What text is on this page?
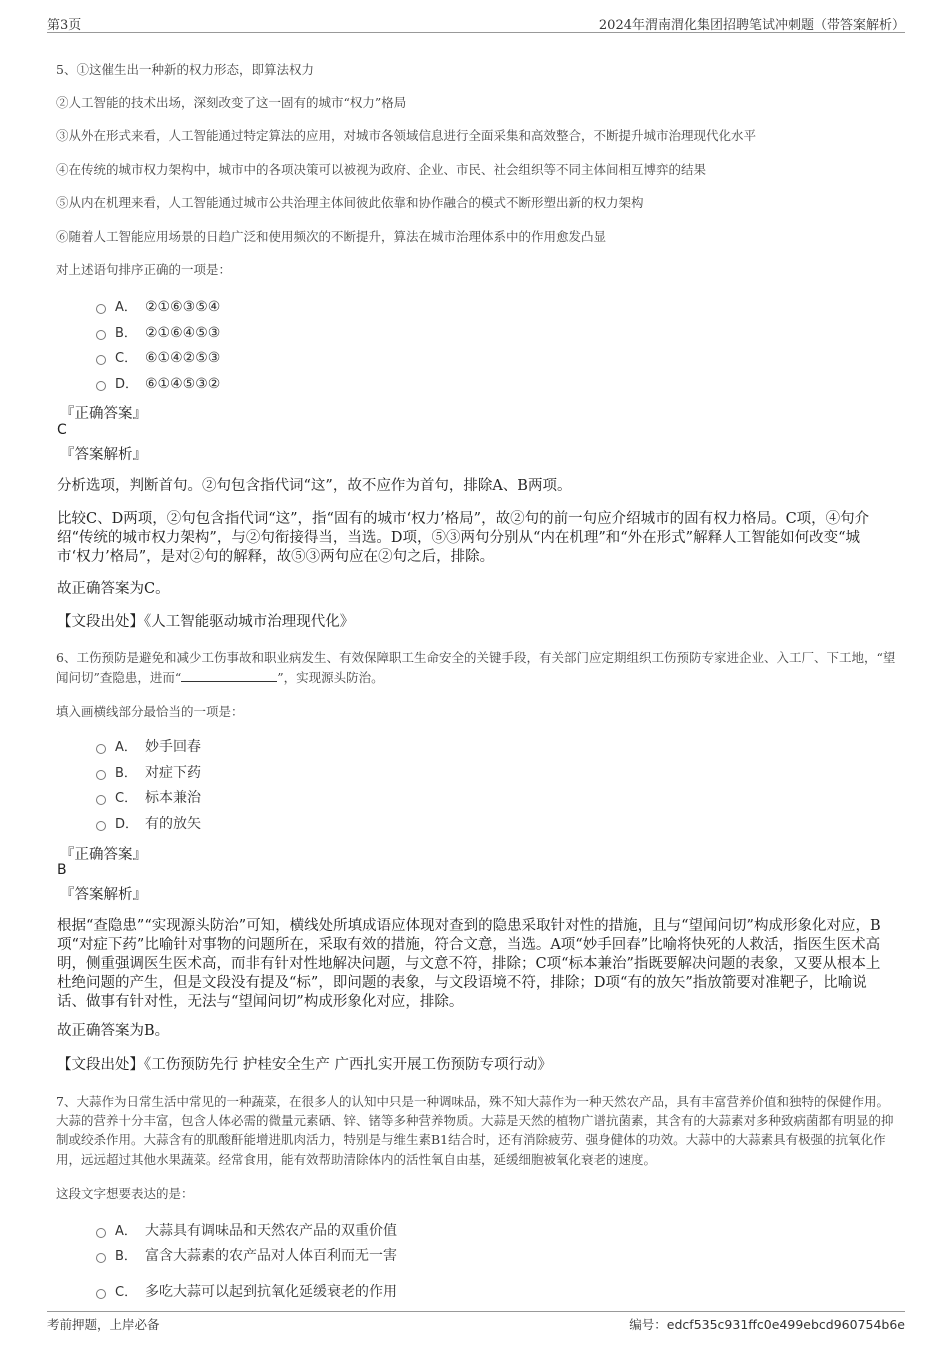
第3页	2024年渭南渭化集团招聘笔试冲刺题（带答案解析）
5、①这催生出一种新的权力形态，即算法权力
②人工智能的技术出场，深刻改变了这一固有的城市“权力”格局
③从外在形式来看，人工智能通过特定算法的应用，对城市各领域信息进行全面采集和高效整合，不断提升城市治理现代化水平
④在传统的城市权力架构中，城市中的各项决策可以被视为政府、企业、市民、社会组织等不同主体间相互博弈的结果
⑤从内在机理来看，人工智能通过城市公共治理主体间彼此依靠和协作融合的模式不断形塑出新的权力架构
⑥随着人工智能应用场景的日趋广泛和使用频次的不断提升，算法在城市治理体系中的作用愈发凸显
对上述语句排序正确的一项是：
A． ②①⑥③⑤④
B． ②①⑥④⑤③
C． ⑥①④②⑤③
D． ⑥①④⑤③②
『正确答案』
C
『答案解析』
分析选项，判断首句。②句包含指代词“这”，故不应作为首句，排除A、B两项。
比较C、D两项，②句包含指代词“这”，指“固有的城市‘权力’格局”，故②句的前一句应介绍城市的固有权力格局。C项，④句介绍“传统的城市权力架构”，与②句衔接得当，当选。D项，⑤③两句分别从“内在机理”和“外在形式”解释人工智能如何改变“城市‘权力’格局”，是对②句的解释，故⑤③两句应在②句之后，排除。
故正确答案为C。
【文段出处】《人工智能驱动城市治理现代化》
6、工伤预防是避免和减少工伤事故和职业病发生、有效保障职工生命安全的关键手段，有关部门应定期组织工伤预防专家进企业、入工厂、下工地，“望闻问切”查隐患，进而“	”，实现源头防治。
填入画横线部分最恰当的一项是：
A． 妙手回春
B． 对症下药
C． 标本兼治
D． 有的放矢
『正确答案』
B
『答案解析』
根据“查隐患”“实现源头防治”可知，横线处所填成语应体现对查到的隐患采取针对性的措施，且与“望闻问切”构成形象化对应，B项“对症下药”比喻针对事物的问题所在，采取有效的措施，符合文意，当选。A项“妙手回春”比喻将快死的人救活，指医生医术高明，侧重强调医生医术高，而非有针对性地解决问题，与文意不符，排除；C项“标本兼治”指既要解决问题的表象，又要从根本上杜绝问题的产生，但是文段没有提及“标”，即问题的表象，与文段语境不符，排除；D项“有的放矢”指放箭要对准靶子，比喻说话、做事有针对性，无法与“望闻问切”构成形象化对应，排除。
故正确答案为B。
【文段出处】《工伤预防先行 护桂安全生产 广西扎实开展工伤预防专项行动》
7、大蒜作为日常生活中常见的一种蔬菜，在很多人的认知中只是一种调味品，殊不知大蒜作为一种天然农产品，具有丰富营养价值和独特的保健作用。大蒜的营养十分丰富，包含人体必需的微量元素硒、锌、锗等多种营养物质。大蒜是天然的植物广谱抗菌素，其含有的大蒜素对多种致病菌都有明显的抑制或绞杀作用。大蒜含有的肌酸酐能增进肌肉活力，特别是与维生素B1结合时，还有消除疲劳、强身健体的功效。大蒜中的大蒜素具有极强的抗氧化作用，远远超过其他水果蔬菜。经常食用，能有效帮助清除体内的活性氧自由基，延缓细胞被氧化衰老的速度。
这段文字想要表达的是：
A． 大蒜具有调味品和天然农产品的双重价值
B． 富含大蒜素的农产品对人体百利而无一害
C． 多吃大蒜可以起到抗氧化延缓衰老的作用
考前押题，上岸必备	编号：edcf535c931ffc0e499ebcd960754b6e
